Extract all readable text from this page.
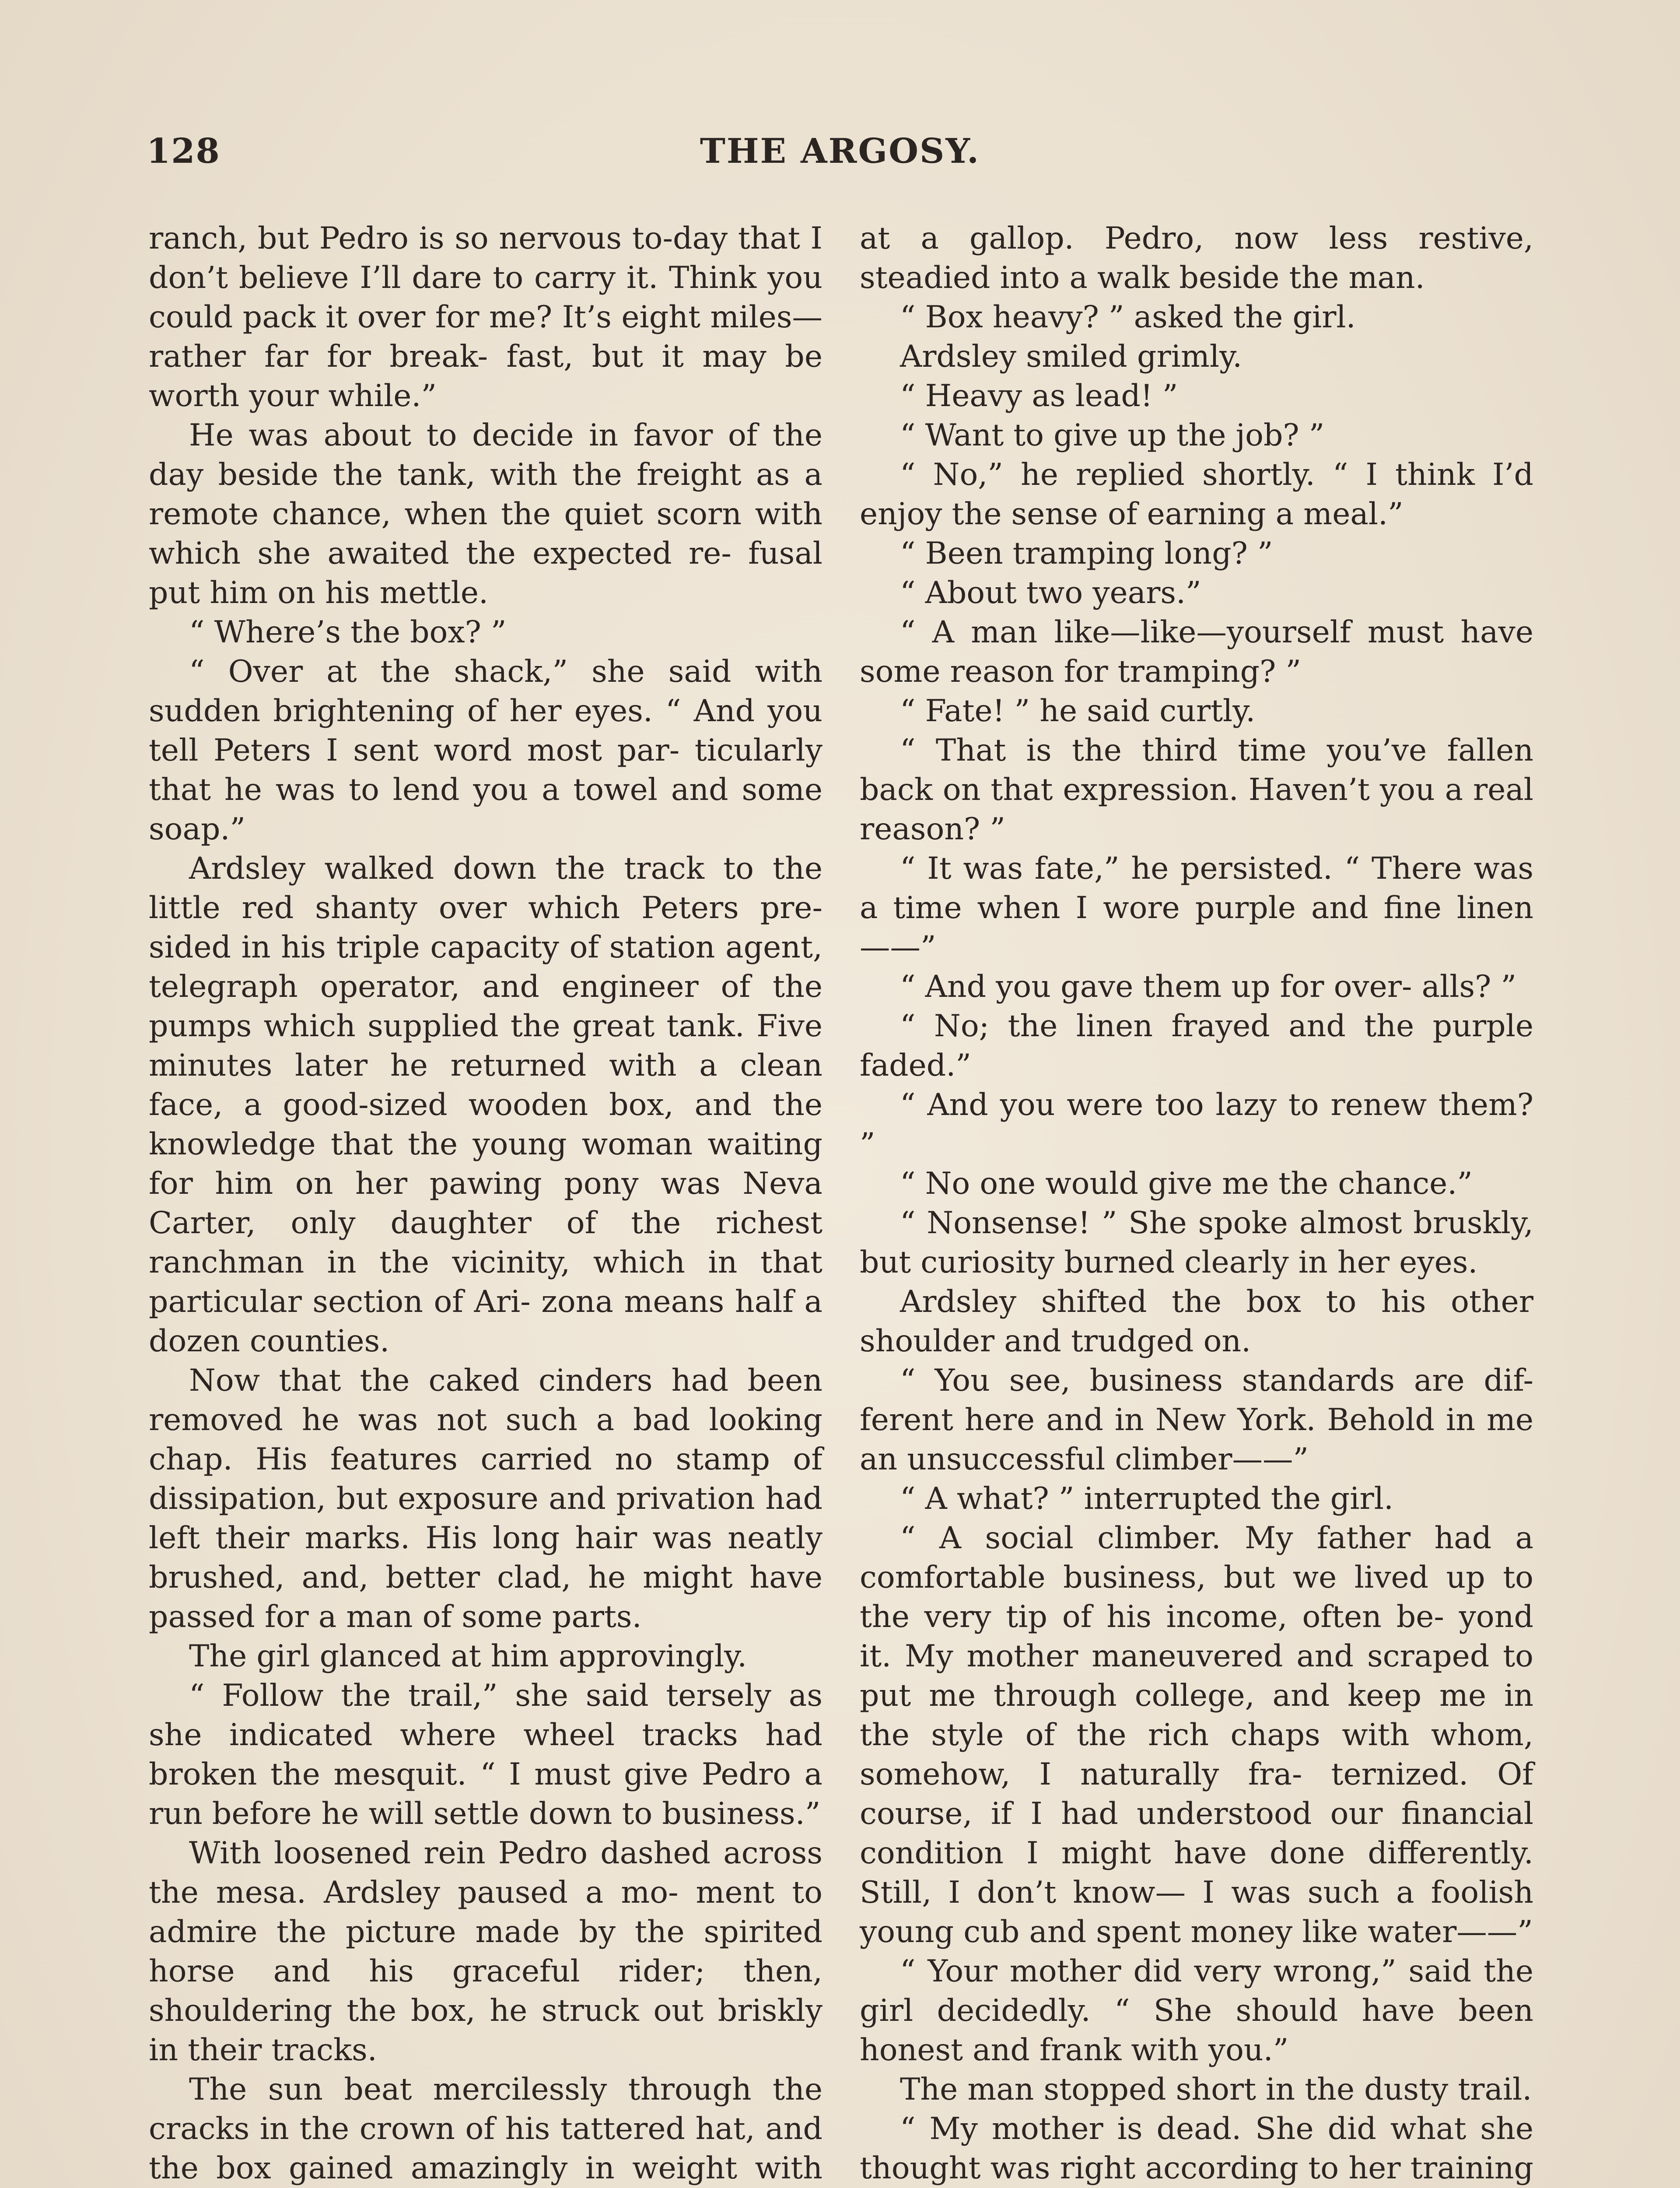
128	THE ARGOSY.

ranch, but Pedro is so nervous to-day that I don’t believe I’ll dare to carry it. Think you could pack it over for me? It’s eight miles—rather far for break- fast, but it may be worth your while.”

He was about to decide in favor of the day beside the tank, with the freight as a remote chance, when the quiet scorn with which she awaited the expected re- fusal put him on his mettle.

“ Where’s the box? ”

“ Over at the shack,” she said with sudden brightening of her eyes. “ And you tell Peters I sent word most par- ticularly that he was to lend you a towel and some soap.”

Ardsley walked down the track to the little red shanty over which Peters pre- sided in his triple capacity of station agent, telegraph operator, and engineer of the pumps which supplied the great tank. Five minutes later he returned with a clean face, a good-sized wooden box, and the knowledge that the young woman waiting for him on her pawing pony was Neva Carter, only daughter of the richest ranchman in the vicinity, which in that particular section of Ari- zona means half a dozen counties.

Now that the caked cinders had been removed he was not such a bad looking chap. His features carried no stamp of dissipation, but exposure and privation had left their marks. His long hair was neatly brushed, and, better clad, he might have passed for a man of some parts.

The girl glanced at him approvingly.

“ Follow the trail,” she said tersely as she indicated where wheel tracks had broken the mesquit. “ I must give Pedro a run before he will settle down to business.”

With loosened rein Pedro dashed across the mesa. Ardsley paused a mo- ment to admire the picture made by the spirited horse and his graceful rider; then, shouldering the box, he struck out briskly in their tracks.

The sun beat mercilessly through the cracks in the crown of his tattered hat, and the box gained amazingly in weight with

at a gallop. Pedro, now less restive, steadied into a walk beside the man.

“ Box heavy? ” asked the girl.

Ardsley smiled grimly.

“ Heavy as lead! ”

“ Want to give up the job? ”

“ No,” he replied shortly. “ I think I’d enjoy the sense of earning a meal.”

“ Been tramping long? ”

“ About two years.”

“ A man like—like—yourself must have some reason for tramping? ”

“ Fate! ” he said curtly.

“ That is the third time you’ve fallen back on that expression. Haven’t you a real reason? ”

“ It was fate,” he persisted. “ There was a time when I wore purple and fine linen——”

“ And you gave them up for over- alls? ”

“ No; the linen frayed and the purple faded.”

“ And you were too lazy to renew them? ”

“ No one would give me the chance.”

“ Nonsense! ” She spoke almost bruskly, but curiosity burned clearly in her eyes.

Ardsley shifted the box to his other shoulder and trudged on.

“ You see, business standards are dif- ferent here and in New York. Behold in me an unsuccessful climber——”

“ A what? ” interrupted the girl.

“ A social climber. My father had a comfortable business, but we lived up to the very tip of his income, often be- yond it. My mother maneuvered and scraped to put me through college, and keep me in the style of the rich chaps with whom, somehow, I naturally fra- ternized. Of course, if I had understood our financial condition I might have done differently. Still, I don’t know— I was such a foolish young cub and spent money like water——”

“ Your mother did very wrong,” said the girl decidedly. “ She should have been honest and frank with you.”

The man stopped short in the dusty trail.

“ My mother is dead. She did what she thought was right according to her training
